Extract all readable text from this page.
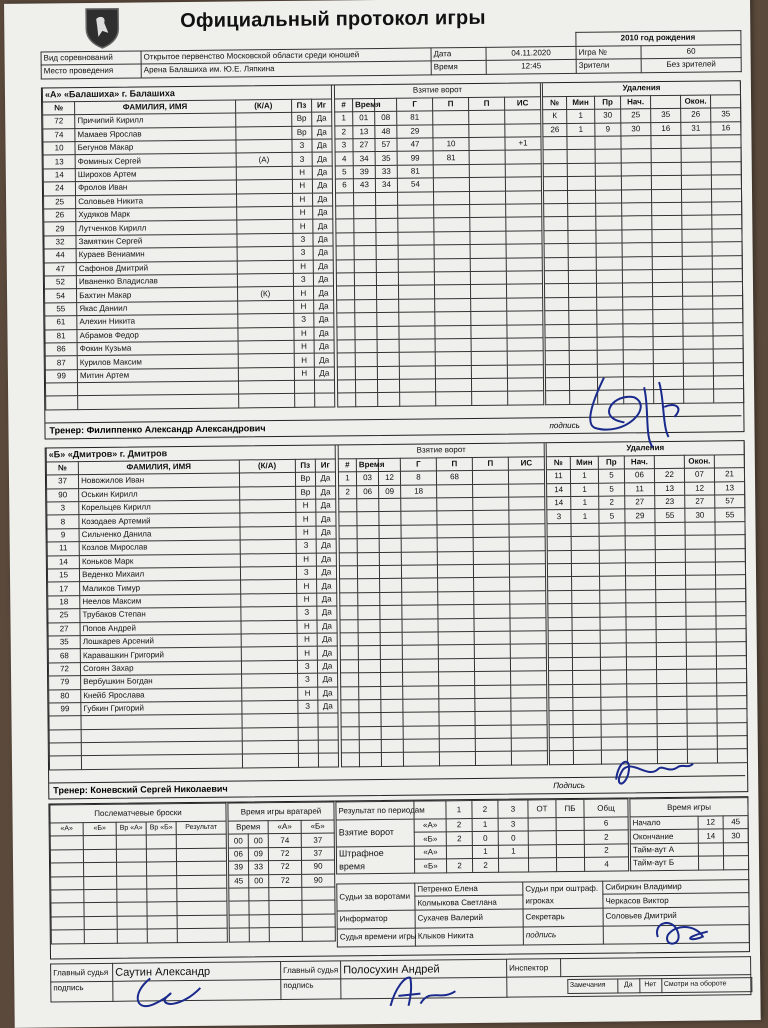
Официальный протокол игры
	2010 год рождения
Вид соревнований	Открытое первенство Московской области среди юношей	Дата	04.11.2020	Игра №	60
Место проведения	Арена Балашиха им. Ю.Е. Ляпкина	Время	12:45	Зрители	Без зрителей
«А» «Балашиха» г. Балашиха				
№	ФАМИЛИЯ, ИМЯ	(К/А)	Пз	Иг
72	Причипий Кирилл		Вр	Да
74	Мамаев Ярослав		Вр	Да
10	Бегунов Макар		З	Да
13	Фоминых Сергей	(А)	З	Да
14	Широхов Артем		Н	Да
24	Фролов Иван		Н	Да
25	Соловьев Никита		Н	Да
26	Худяков Марк		Н	Да
29	Лутченков Кирилл		Н	Да
32	Замяткин Сергей		З	Да
44	Кураев Вениамин		З	Да
47	Сафонов Дмитрий		Н	Да
52	Иваненко Владислав		З	Да
54	Бахтин Макар	(К)	Н	Да
55	Якас Даниил		Н	Да
61	Алехин Никита		З	Да
81	Абрамов Федор		Н	Да
86	Фокин Кузьма		Н	Да
87	Курилов Максим		Н	Да
99	Митин Артем		Н	Да

Взятие ворот						
#	Время		Г	П	П	ИС
1	01	08	81			
2	13	48	29			
3	27	57	47	10		+1
4	34	35	99	81		
5	39	33	81			
6	43	34	54			

Удаления						
№	Мин	Пр	Нач.		Окон.	
К	1	30	25	35	26	35
26	1	9	30	16	31	16

Тренер: Филиппенко Александр Александрович	подпись
«Б» «Дмитров» г. Дмитров				
№	ФАМИЛИЯ, ИМЯ	(К/А)	Пз	Иг
37	Новожилов Иван		Вр	Да
90	Оськин Кирилл		Вр	Да
3	Корельцев Кирилл		Н	Да
8	Козодаев Артемий		Н	Да
9	Сильченко Данила		Н	Да
11	Козлов Мирослав		З	Да
14	Коньков Марк		Н	Да
15	Веденко Михаил		З	Да
17	Маликов Тимур		Н	Да
18	Неелов Максим		Н	Да
25	Трубаков Степан		З	Да
27	Попов Андрей		Н	Да
35	Лошкарев Арсений		Н	Да
68	Каравашкин Григорий		Н	Да
72	Согоян Захар		З	Да
79	Вербушкин Богдан		З	Да
80	Кнейб Ярослава		Н	Да
99	Губкин Григорий		З	Да

Взятие ворот						
#	Время		Г	П	П	ИС
1	03	12	8	68		
2	06	09	18			

Удаления						
№	Мин	Пр	Нач.		Окон.	
11	1	5	06	22	07	21
14	1	5	11	13	12	13
14	1	2	27	23	27	57
3	1	5	29	55	30	55

Тренер: Коневский Сергей Николаевич	Подпись
Послематчевые броски				
«А»	«Б»	Вр «А»	Вр «Б»	Результат

Время игры вратарей			
Время		«А»	«Б»
00	00	74	37
06	09	72	37
39	33	72	90
45	00	72	90

Результат по периодам		1	2	3	ОТ	ПБ	Общ
Взятие ворот	«А»	2	1	3			6
	«Б»	2	0	0			2
Штрафное время	«А»		1	1			2
	«Б»	2	2				4
Время игры		
Начало	12	45
Окончание	14	30
Тайм-аут А		
Тайм-аут Б		
Судьи за воротами	Петренко Елена	Судьи при оштраф. игроках	Сибиркин Владимир
	Колмыкова Светлана		Черкасов Виктор
Информатор	Сухачев Валерий	Секретарь	Соловьев Дмитрий
Судья времени игры	Клыков Никита	подпись	
Главный судья	Саутин Александр	Главный судья	Полосухин Андрей	Инспектор	
подпись		подпись		
		Замечания	Да	Нет	Смотри на обороте
